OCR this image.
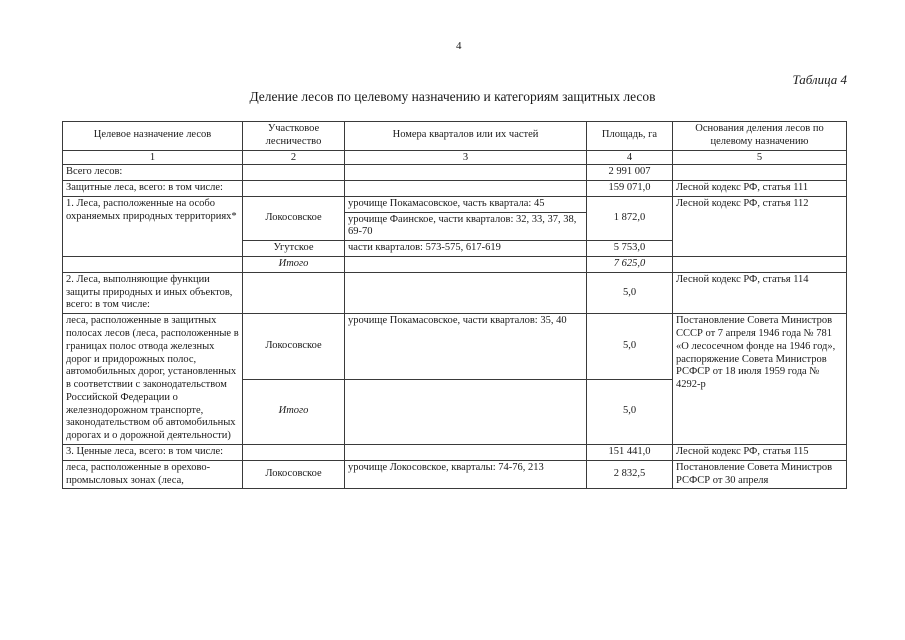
4
Таблица 4
Деление лесов по целевому назначению и категориям защитных лесов
Целевое назначение лесов	Участковое лесничество	Номера кварталов или их частей	Площадь, га	Основания деления лесов по целевому назначению
1	2	3	4	5
Всего лесов:			2 991 007	
Защитные леса, всего: в том числе:			159 071,0	Лесной кодекс РФ, статья 111
1. Леса, расположенные на особо охраняемых природных территориях*	Локосовское	урочище Покамасовское, часть квартала: 45	1 872,0	Лесной кодекс РФ, статья 112
		урочище Фаинское, части кварталов: 32, 33, 37, 38, 69-70		
	Угутское	части кварталов: 573-575, 617-619	5 753,0	
	Итого		7 625,0	
2. Леса, выполняющие функции защиты природных и иных объектов, всего: в том числе:			5,0	Лесной кодекс РФ, статья 114
леса, расположенные в защитных полосах лесов (леса, расположенные в границах полос отвода железных дорог и придорожных полос, автомобильных дорог, установленных в соответствии с законодательством Российской Федерации о железнодорожном транспорте, законодательством об автомобильных дорогах и о дорожной деятельности)	Локосовское	урочище Покамасовское, части кварталов: 35, 40	5,0	Постановление Совета Министров СССР от 7 апреля 1946 года № 781 «О лесосечном фонде на 1946 год», распоряжение Совета Министров РСФСР от 18 июля 1959 года № 4292-р
	Итого		5,0	
3. Ценные леса, всего: в том числе:			151 441,0	Лесной кодекс РФ, статья 115
леса, расположенные в орехово-промысловых зонах (леса,	Локосовское	урочище Локосовское, кварталы: 74-76, 213	2 832,5	Постановление Совета Министров РСФСР от 30 апреля
